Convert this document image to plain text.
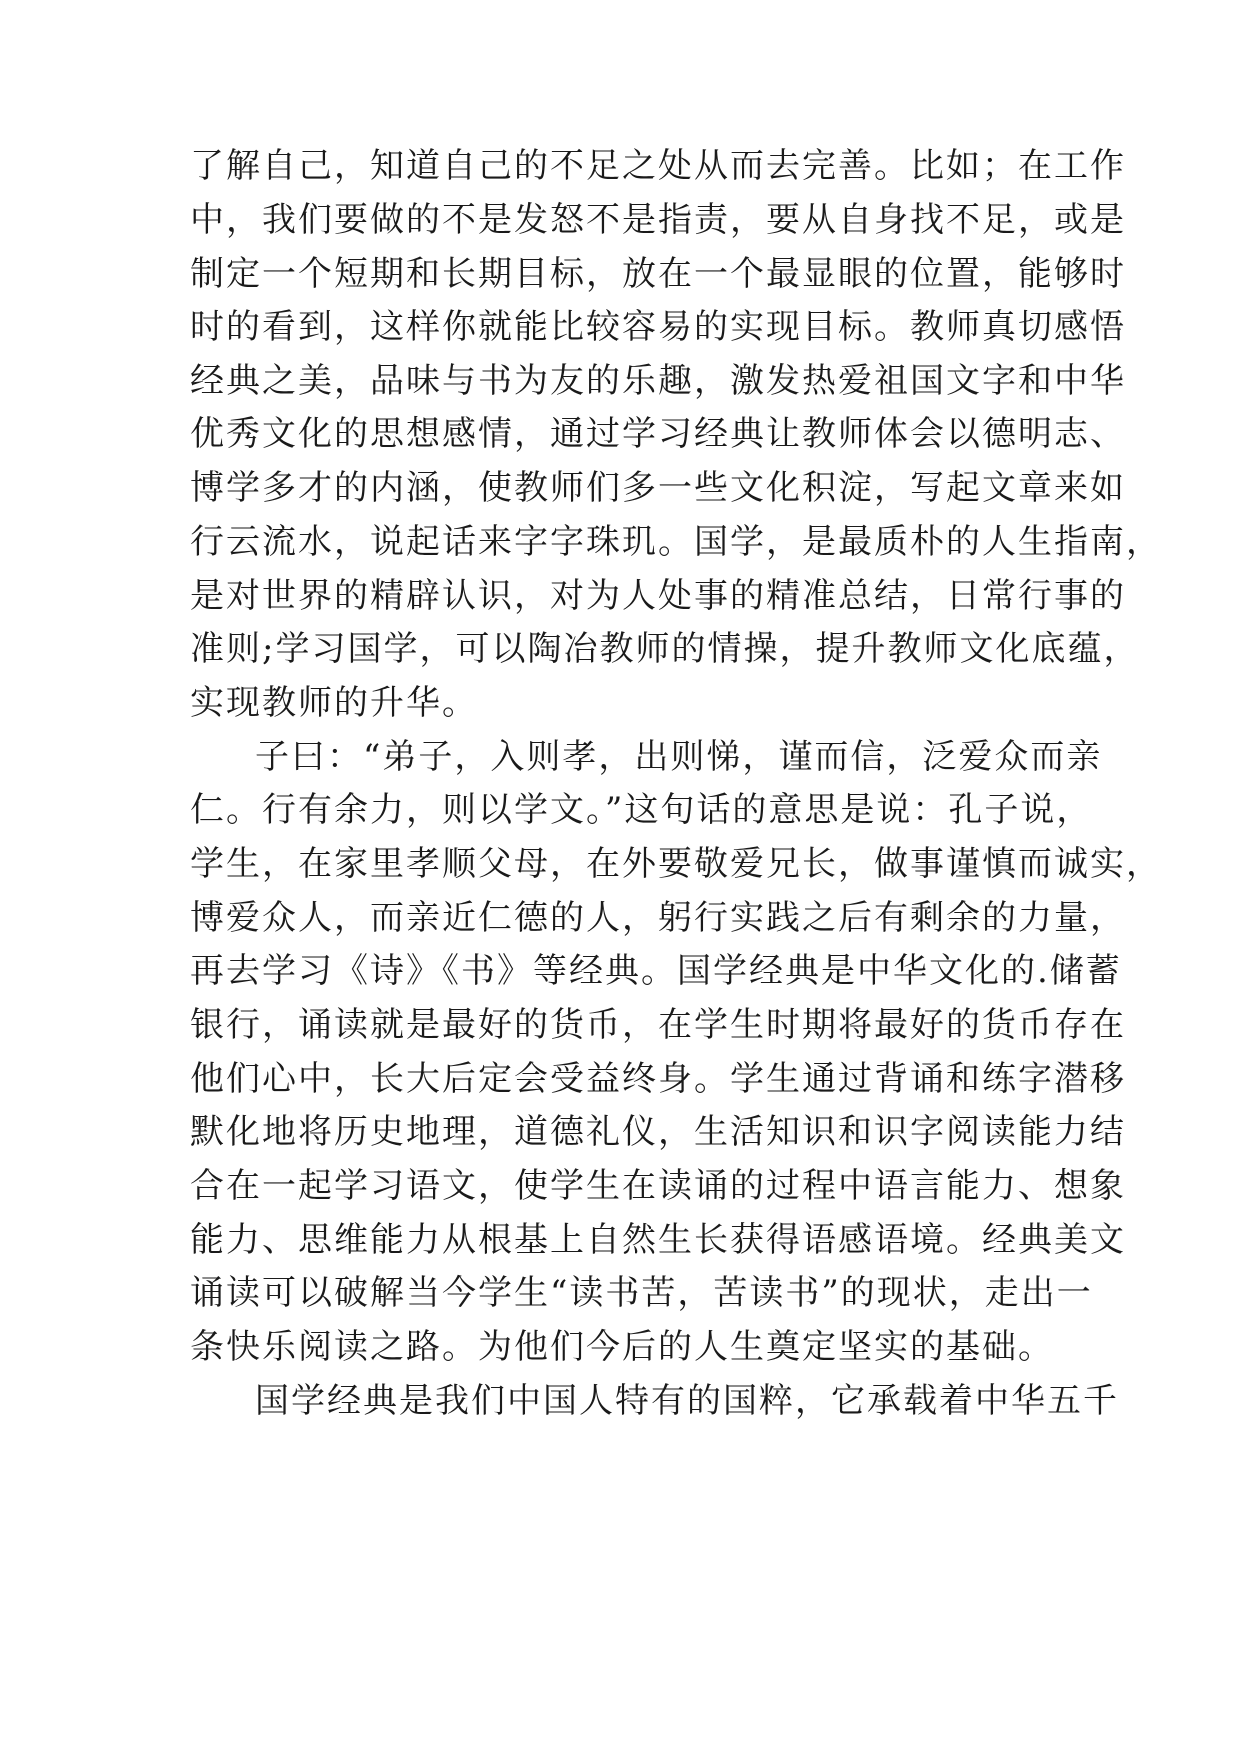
了解自己，知道自己的不足之处从而去完善。比如；在工作
中，我们要做的不是发怒不是指责，要从自身找不足，或是
制定一个短期和长期目标，放在一个最显眼的位置，能够时
时的看到，这样你就能比较容易的实现目标。教师真切感悟
经典之美，品味与书为友的乐趣，激发热爱祖国文字和中华
优秀文化的思想感情，通过学习经典让教师体会以德明志、
博学多才的内涵，使教师们多一些文化积淀，写起文章来如
行云流水，说起话来字字珠玑。国学，是最质朴的人生指南，
是对世界的精辟认识，对为人处事的精准总结，日常行事的
准则;学习国学，可以陶冶教师的情操，提升教师文化底蕴，
实现教师的升华。
子曰：“弟子，入则孝，出则悌，谨而信，泛爱众而亲
仁。行有余力，则以学文。”这句话的意思是说：孔子说，
学生，在家里孝顺父母，在外要敬爱兄长，做事谨慎而诚实，
博爱众人，而亲近仁德的人，躬行实践之后有剩余的力量，
再去学习《诗》《书》等经典。国学经典是中华文化的.储蓄
银行，诵读就是最好的货币，在学生时期将最好的货币存在
他们心中，长大后定会受益终身。学生通过背诵和练字潜移
默化地将历史地理，道德礼仪，生活知识和识字阅读能力结
合在一起学习语文，使学生在读诵的过程中语言能力、想象
能力、思维能力从根基上自然生长获得语感语境。经典美文
诵读可以破解当今学生“读书苦，苦读书”的现状，走出一
条快乐阅读之路。为他们今后的人生奠定坚实的基础。
国学经典是我们中国人特有的国粹，它承载着中华五千
